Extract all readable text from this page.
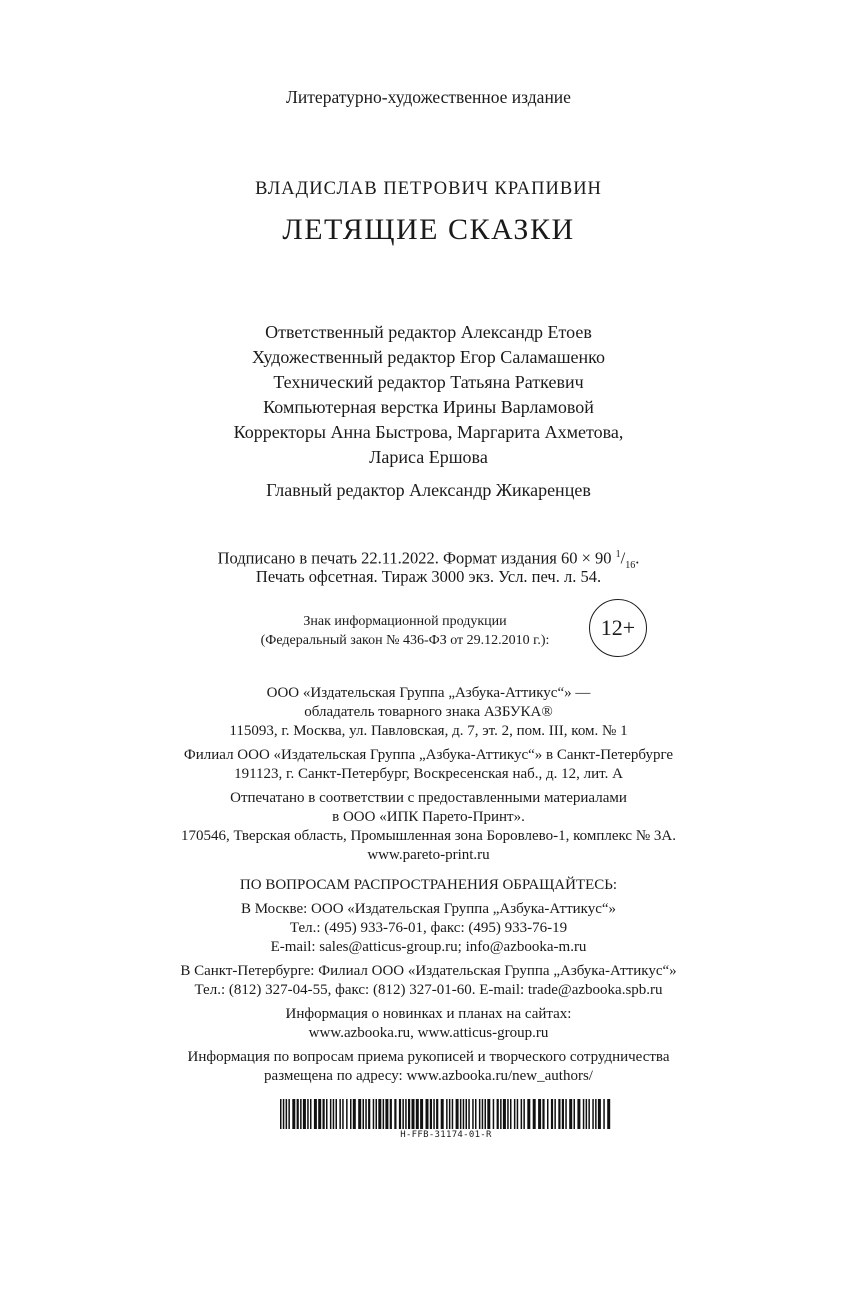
Литературно-художественное издание
ВЛАДИСЛАВ ПЕТРОВИЧ КРАПИВИН
ЛЕТЯЩИЕ СКАЗКИ
Ответственный редактор Александр Етоев
Художественный редактор Егор Саламашенко
Технический редактор Татьяна Раткевич
Компьютерная верстка Ирины Варламовой
Корректоры Анна Быстрова, Маргарита Ахметова,
Лариса Ершова
Главный редактор Александр Жикаренцев
Подписано в печать 22.11.2022. Формат издания 60 × 90 $^1/_{16}$.
Печать офсетная. Тираж 3000 экз. Усл. печ. л. 54.
Знак информационной продукции
(Федеральный закон № 436-ФЗ от 29.12.2010 г.):
12+
ООО «Издательская Группа „Азбука-Аттикус“» —
обладатель товарного знака АЗБУКА®
115093, г. Москва, ул. Павловская, д. 7, эт. 2, пом. III, ком. № 1
Филиал ООО «Издательская Группа „Азбука-Аттикус“» в Санкт-Петербурге
191123, г. Санкт-Петербург, Воскресенская наб., д. 12, лит. А
Отпечатано в соответствии с предоставленными материалами
в ООО «ИПК Парето-Принт».
170546, Тверская область, Промышленная зона Боровлево-1, комплекс № 3А.
www.pareto-print.ru
ПО ВОПРОСАМ РАСПРОСТРАНЕНИЯ ОБРАЩАЙТЕСЬ:
В Москве: ООО «Издательская Группа „Азбука-Аттикус“»
Тел.: (495) 933-76-01, факс: (495) 933-76-19
E-mail: sales@atticus-group.ru; info@azbooka-m.ru
В Санкт-Петербурге: Филиал ООО «Издательская Группа „Азбука-Аттикус“»
Тел.: (812) 327-04-55, факс: (812) 327-01-60. E-mail: trade@azbooka.spb.ru
Информация о новинках и планах на сайтах:
www.azbooka.ru, www.atticus-group.ru
Информация по вопросам приема рукописей и творческого сотрудничества
размещена по адресу: www.azbooka.ru/new_authors/
Н-FFB-31174-01-R
